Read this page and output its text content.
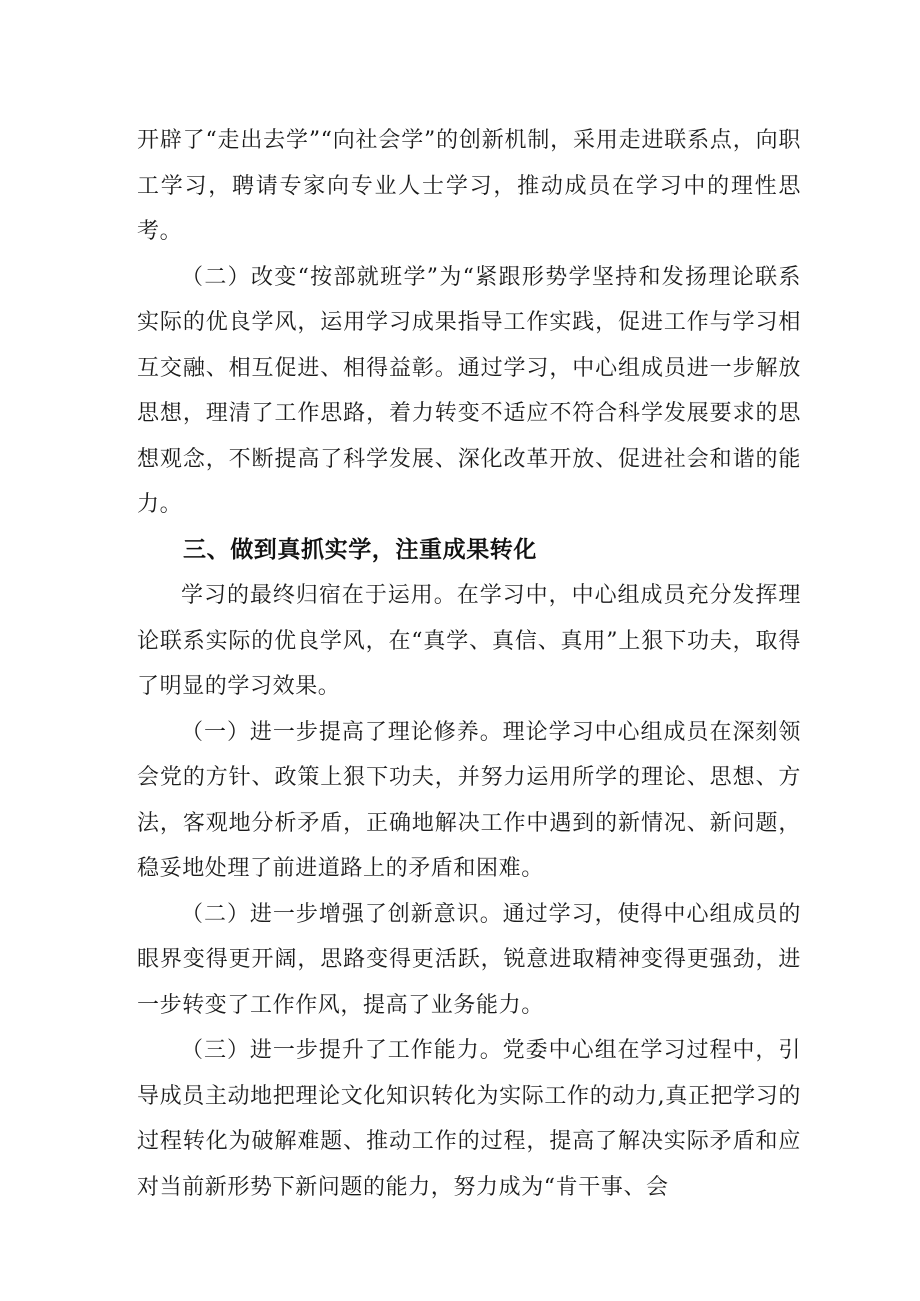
开辟了“走出去学”“向社会学”的创新机制，采用走进联系点，向职工学习，聘请专家向专业人士学习，推动成员在学习中的理性思考。

（二）改变“按部就班学”为“紧跟形势学坚持和发扬理论联系实际的优良学风，运用学习成果指导工作实践，促进工作与学习相互交融、相互促进、相得益彰。通过学习，中心组成员进一步解放思想，理清了工作思路，着力转变不适应不符合科学发展要求的思想观念，不断提高了科学发展、深化改革开放、促进社会和谐的能力。

三、做到真抓实学，注重成果转化

学习的最终归宿在于运用。在学习中，中心组成员充分发挥理论联系实际的优良学风，在“真学、真信、真用”上狠下功夫，取得了明显的学习效果。

（一）进一步提高了理论修养。理论学习中心组成员在深刻领会党的方针、政策上狠下功夫，并努力运用所学的理论、思想、方法，客观地分析矛盾，正确地解决工作中遇到的新情况、新问题，稳妥地处理了前进道路上的矛盾和困难。

（二）进一步增强了创新意识。通过学习，使得中心组成员的眼界变得更开阔，思路变得更活跃，锐意进取精神变得更强劲，进一步转变了工作作风，提高了业务能力。

（三）进一步提升了工作能力。党委中心组在学习过程中，引导成员主动地把理论文化知识转化为实际工作的动力,真正把学习的过程转化为破解难题、推动工作的过程，提高了解决实际矛盾和应对当前新形势下新问题的能力，努力成为“肯干事、会
